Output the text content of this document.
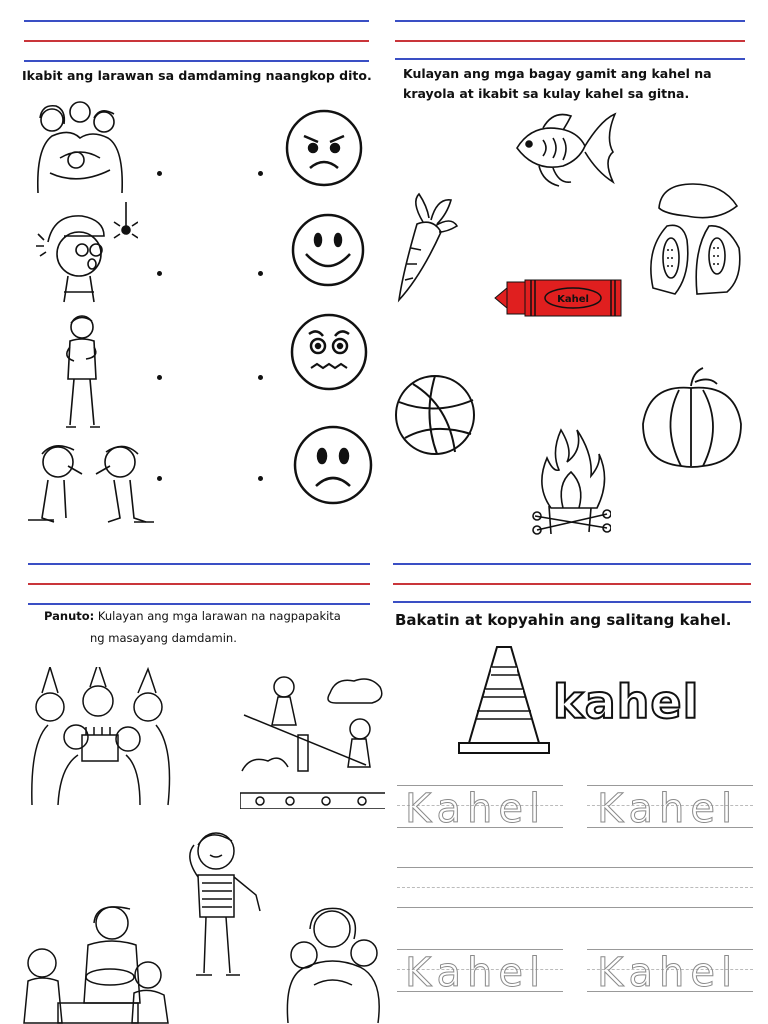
Ikabit ang larawan sa damdaming naangkop dito.	Kulayan ang mga bagay gamit ang kahel na
krayola at ikabit sa kulay kahel sa gitna.
Kahel
Panuto: Kulayan ang mga larawan na nagpapakita
ng masayang damdamin.
Bakatin at kopyahin ang salitang kahel.
kahel
Kahel Kahel
Kahel Kahel
